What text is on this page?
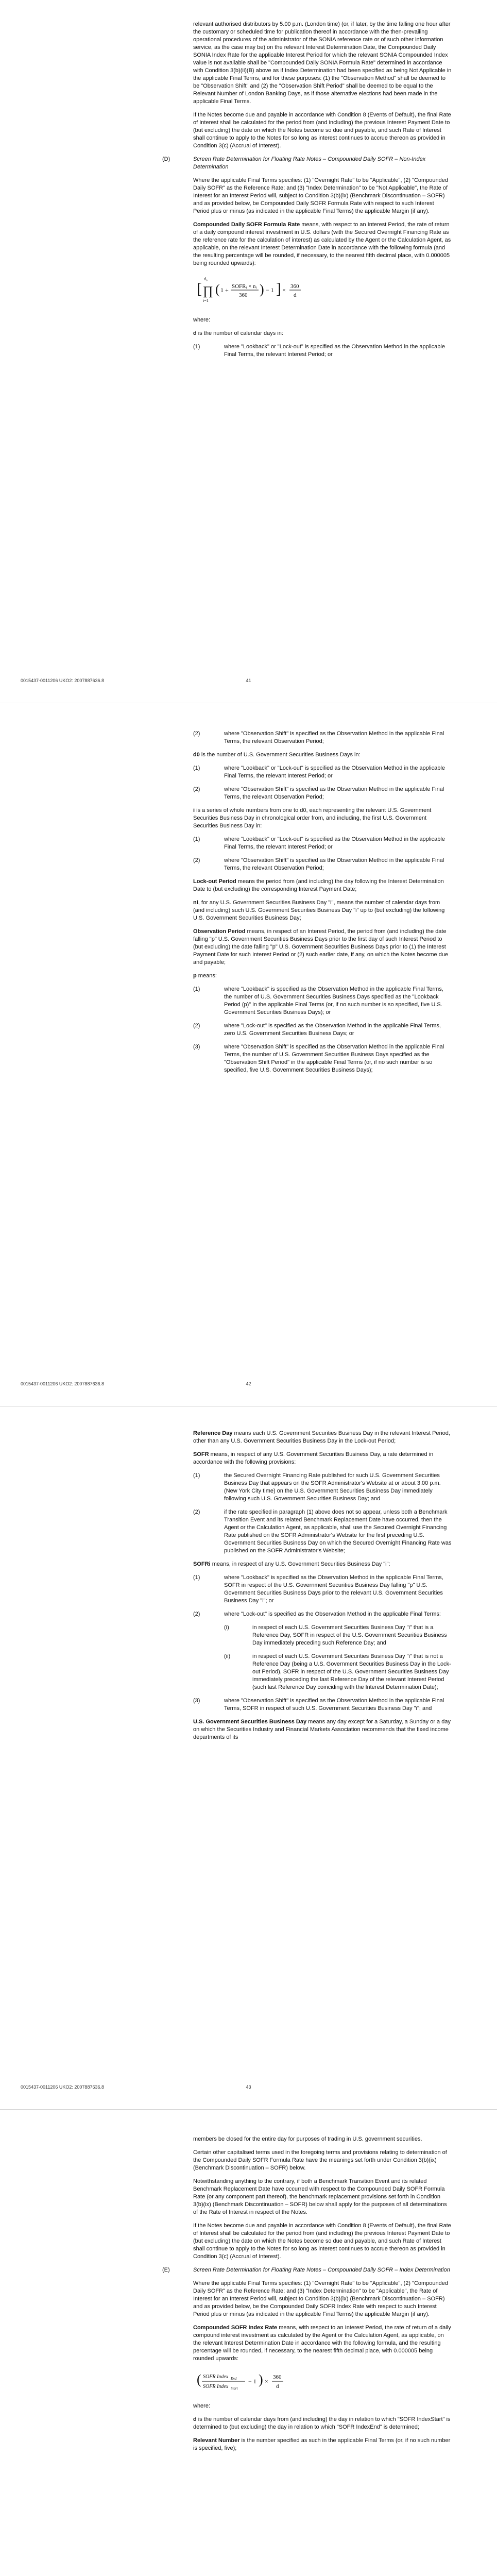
relevant authorised distributors by 5.00 p.m. (London time) (or, if later, by the time falling one hour after the customary or scheduled time for publication thereof in accordance with the then-prevailing operational procedures of the administrator of the SONIA reference rate or of such other information service, as the case may be) on the relevant Interest Determination Date, the Compounded Daily SONIA Index Rate for the applicable Interest Period for which the relevant SONIA Compounded Index value is not available shall be "Compounded Daily SONIA Formula Rate" determined in accordance with Condition 3(b)(ii)(B) above as if Index Determination had been specified as being Not Applicable in the applicable Final Terms, and for these purposes: (1) the "Observation Method" shall be deemed to be "Observation Shift" and (2) the "Observation Shift Period" shall be deemed to be equal to the Relevant Number of London Banking Days, as if those alternative elections had been made in the applicable Final Terms.

If the Notes become due and payable in accordance with Condition 8 (Events of Default), the final Rate of Interest shall be calculated for the period from (and including) the previous Interest Payment Date to (but excluding) the date on which the Notes become so due and payable, and such Rate of Interest shall continue to apply to the Notes for so long as interest continues to accrue thereon as provided in Condition 3(c) (Accrual of Interest).

(D)	Screen Rate Determination for Floating Rate Notes – Compounded Daily SOFR – Non-Index Determination

Where the applicable Final Terms specifies: (1) "Overnight Rate" to be "Applicable", (2) "Compounded Daily SOFR" as the Reference Rate; and (3) "Index Determination" to be "Not Applicable", the Rate of Interest for an Interest Period will, subject to Condition 3(b)(ix) (Benchmark Discontinuation – SOFR) and as provided below, be Compounded Daily SOFR Formula Rate with respect to such Interest Period plus or minus (as indicated in the applicable Final Terms) the applicable Margin (if any).

Compounded Daily SOFR Formula Rate means, with respect to an Interest Period, the rate of return of a daily compound interest investment in U.S. dollars (with the Secured Overnight Financing Rate as the reference rate for the calculation of interest) as calculated by the Agent or the Calculation Agent, as applicable, on the relevant Interest Determination Date in accordance with the following formula (and the resulting percentage will be rounded, if necessary, to the nearest fifth decimal place, with 0.000005 being rounded upwards):

[ ∏
d₀
i=1
( 1 + SOFRᵢ × nᵢ
360 ) − 1 ] × 360
d

where:

d is the number of calendar days in:

(1)	where "Lookback" or "Lock-out" is specified as the Observation Method in the applicable Final Terms, the relevant Interest Period; or
0015437-0011206 UKO2: 2007887636.8	41
(2)	where "Observation Shift" is specified as the Observation Method in the applicable Final Terms, the relevant Observation Period;

d0 is the number of U.S. Government Securities Business Days in:

(1)	where "Lookback" or "Lock-out" is specified as the Observation Method in the applicable Final Terms, the relevant Interest Period; or
(2)	where "Observation Shift" is specified as the Observation Method in the applicable Final Terms, the relevant Observation Period;

i is a series of whole numbers from one to d0, each representing the relevant U.S. Government Securities Business Day in chronological order from, and including, the first U.S. Government Securities Business Day in:

(1)	where "Lookback" or "Lock-out" is specified as the Observation Method in the applicable Final Terms, the relevant Interest Period; or
(2)	where "Observation Shift" is specified as the Observation Method in the applicable Final Terms, the relevant Observation Period;

Lock-out Period means the period from (and including) the day following the Interest Determination Date to (but excluding) the corresponding Interest Payment Date;

ni, for any U.S. Government Securities Business Day "i", means the number of calendar days from (and including) such U.S. Government Securities Business Day "i" up to (but excluding) the following U.S. Government Securities Business Day;

Observation Period means, in respect of an Interest Period, the period from (and including) the date falling "p" U.S. Government Securities Business Days prior to the first day of such Interest Period to (but excluding) the date falling "p" U.S. Government Securities Business Days prior to (1) the Interest Payment Date for such Interest Period or (2) such earlier date, if any, on which the Notes become due and payable;

p means:

(1)	where "Lookback" is specified as the Observation Method in the applicable Final Terms, the number of U.S. Government Securities Business Days specified as the "Lookback Period (p)" in the applicable Final Terms (or, if no such number is so specified, five U.S. Government Securities Business Days); or
(2)	where "Lock-out" is specified as the Observation Method in the applicable Final Terms, zero U.S. Government Securities Business Days; or
(3)	where "Observation Shift" is specified as the Observation Method in the applicable Final Terms, the number of U.S. Government Securities Business Days specified as the "Observation Shift Period" in the applicable Final Terms (or, if no such number is so specified, five U.S. Government Securities Business Days);
0015437-0011206 UKO2: 2007887636.8	42

Reference Day means each U.S. Government Securities Business Day in the relevant Interest Period, other than any U.S. Government Securities Business Day in the Lock-out Period;

SOFR means, in respect of any U.S. Government Securities Business Day, a rate determined in accordance with the following provisions:

(1)	the Secured Overnight Financing Rate published for such U.S. Government Securities Business Day that appears on the SOFR Administrator's Website at or about 3.00 p.m. (New York City time) on the U.S. Government Securities Business Day immediately following such U.S. Government Securities Business Day; and
(2)	if the rate specified in paragraph (1) above does not so appear, unless both a Benchmark Transition Event and its related Benchmark Replacement Date have occurred, then the Agent or the Calculation Agent, as applicable, shall use the Secured Overnight Financing Rate published on the SOFR Administrator's Website for the first preceding U.S. Government Securities Business Day on which the Secured Overnight Financing Rate was published on the SOFR Administrator's Website;

SOFRi means, in respect of any U.S. Government Securities Business Day "i":

(1)	where "Lookback" is specified as the Observation Method in the applicable Final Terms, SOFR in respect of the U.S. Government Securities Business Day falling "p" U.S. Government Securities Business Days prior to the relevant U.S. Government Securities Business Day "i"; or
(2)	where "Lock-out" is specified as the Observation Method in the applicable Final Terms:
(i)	in respect of each U.S. Government Securities Business Day "i" that is a Reference Day, SOFR in respect of the U.S. Government Securities Business Day immediately preceding such Reference Day; and
(ii)	in respect of each U.S. Government Securities Business Day "i" that is not a Reference Day (being a U.S. Government Securities Business Day in the Lock-out Period), SOFR in respect of the U.S. Government Securities Business Day immediately preceding the last Reference Day of the relevant Interest Period (such last Reference Day coinciding with the Interest Determination Date);
(3)	where "Observation Shift" is specified as the Observation Method in the applicable Final Terms, SOFR in respect of such U.S. Government Securities Business Day "i"; and

U.S. Government Securities Business Day means any day except for a Saturday, a Sunday or a day on which the Securities Industry and Financial Markets Association recommends that the fixed income departments of its

0015437-0011206 UKO2: 2007887636.8	43

members be closed for the entire day for purposes of trading in U.S. government securities.

Certain other capitalised terms used in the foregoing terms and provisions relating to determination of the Compounded Daily SOFR Formula Rate have the meanings set forth under Condition 3(b)(ix) (Benchmark Discontinuation – SOFR) below.

Notwithstanding anything to the contrary, if both a Benchmark Transition Event and its related Benchmark Replacement Date have occurred with respect to the Compounded Daily SOFR Formula Rate (or any component part thereof), the benchmark replacement provisions set forth in Condition 3(b)(ix) (Benchmark Discontinuation – SOFR) below shall apply for the purposes of all determinations of the Rate of Interest in respect of the Notes.

If the Notes become due and payable in accordance with Condition 8 (Events of Default), the final Rate of Interest shall be calculated for the period from (and including) the previous Interest Payment Date to (but excluding) the date on which the Notes become so due and payable, and such Rate of Interest shall continue to apply to the Notes for so long as interest continues to accrue thereon as provided in Condition 3(c) (Accrual of Interest).

(E)	Screen Rate Determination for Floating Rate Notes – Compounded Daily SOFR – Index Determination

Where the applicable Final Terms specifies: (1) "Overnight Rate" to be "Applicable", (2) "Compounded Daily SOFR" as the Reference Rate; and (3) "Index Determination" to be "Applicable", the Rate of Interest for an Interest Period will, subject to Condition 3(b)(ix) (Benchmark Discontinuation – SOFR) and as provided below, be the Compounded Daily SOFR Index Rate with respect to such Interest Period plus or minus (as indicated in the applicable Final Terms) the applicable Margin (if any).

Compounded SOFR Index Rate means, with respect to an Interest Period, the rate of return of a daily compound interest investment as calculated by the Agent or the Calculation Agent, as applicable, on the relevant Interest Determination Date in accordance with the following formula, and the resulting percentage will be rounded, if necessary, to the nearest fifth decimal place, with 0.000005 being rounded upwards:

( SOFR Index End
SOFR Index Start
− 1 ) ×
360
d

where:

d is the number of calendar days from (and including) the day in relation to which "SOFR IndexStart" is determined to (but excluding) the day in relation to which "SOFR IndexEnd" is determined;

Relevant Number is the number specified as such in the applicable Final Terms (or, if no such number is specified, five);
